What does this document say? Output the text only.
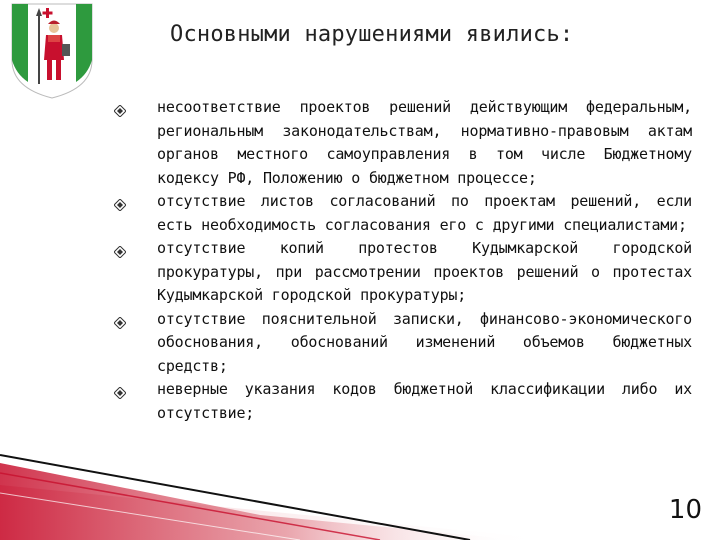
Основными нарушениями явились:
несоответствие проектов решений действующим федеральным, региональным законодательствам, нормативно-правовым актам органов местного самоуправления в том числе Бюджетному кодексу РФ, Положению о бюджетном процессе;
отсутствие листов согласований по проектам решений, если есть необходимость согласования его с другими специалистами;
отсутствие копий протестов Кудымкарской городской прокуратуры, при рассмотрении проектов решений о протестах Кудымкарской городской прокуратуры;
отсутствие пояснительной записки, финансово-экономического обоснования, обоснований изменений объемов бюджетных средств;
неверные указания кодов бюджетной классификации либо их отсутствие;
10
